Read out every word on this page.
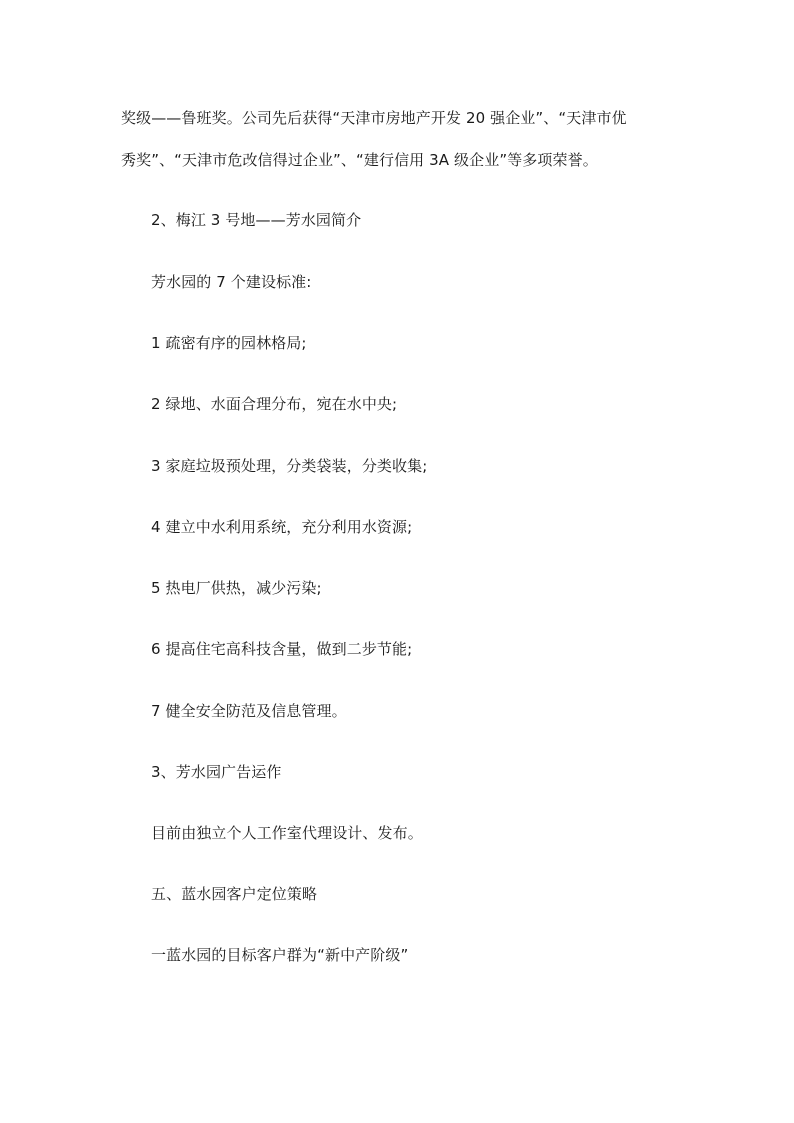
奖级——鲁班奖。公司先后获得“天津市房地产开发 20 强企业”、“天津市优
秀奖”、“天津市危改信得过企业”、“建行信用 3A 级企业”等多项荣誉。
2、梅江 3 号地——芳水园简介
芳水园的 7 个建设标准:
1 疏密有序的园林格局;
2 绿地、水面合理分布，宛在水中央;
3 家庭垃圾预处理，分类袋装，分类收集;
4 建立中水利用系统，充分利用水资源;
5 热电厂供热，减少污染;
6 提高住宅高科技含量，做到二步节能;
7 健全安全防范及信息管理。
3、芳水园广告运作
目前由独立个人工作室代理设计、发布。
五、蓝水园客户定位策略
一蓝水园的目标客户群为“新中产阶级”
